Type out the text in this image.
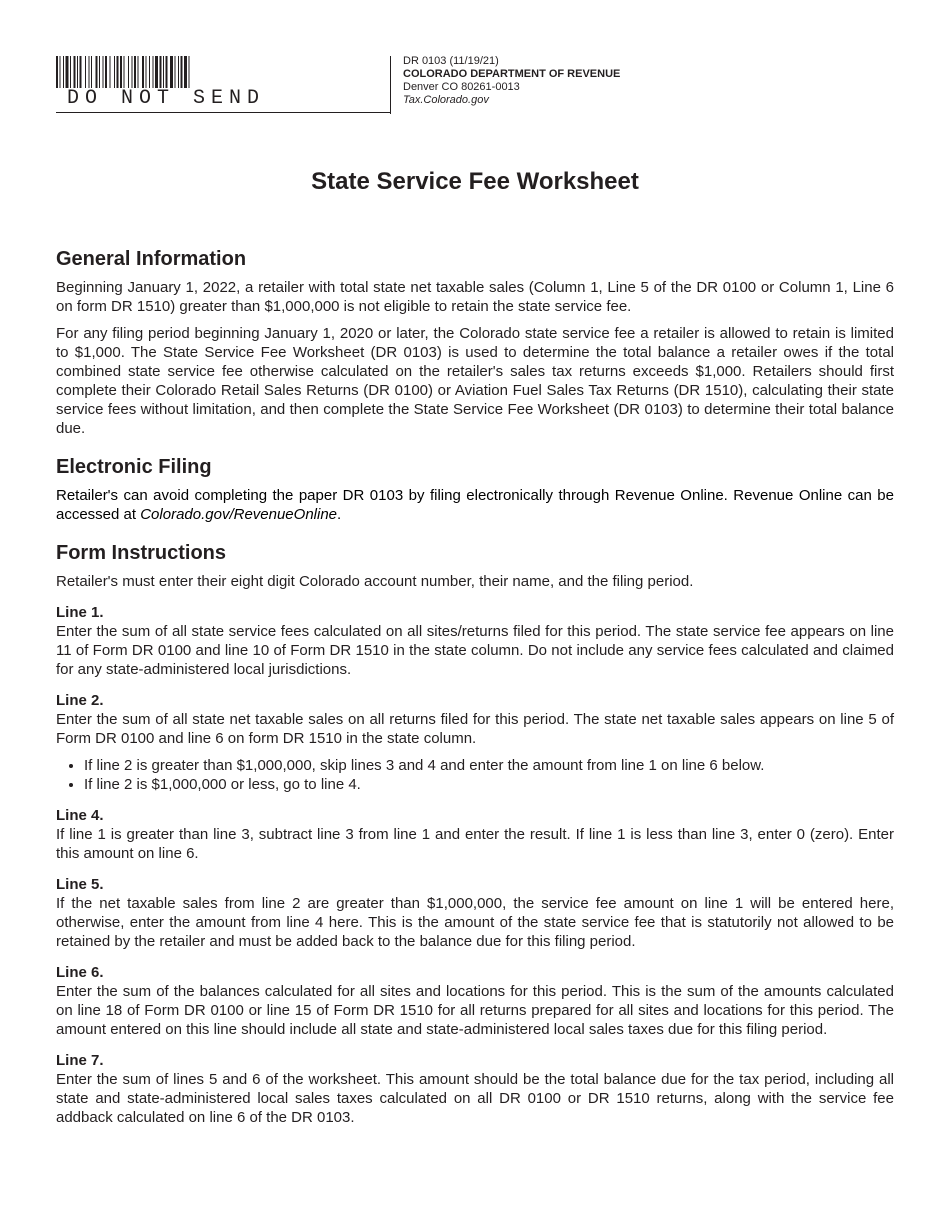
DO NOT SEND
DR 0103 (11/19/21)
COLORADO DEPARTMENT OF REVENUE
Denver CO 80261-0013
Tax.Colorado.gov
State Service Fee Worksheet
General Information

Beginning January 1, 2022, a retailer with total state net taxable sales (Column 1, Line 5 of the DR 0100 or Column 1, Line 6 on form DR 1510) greater than $1,000,000 is not eligible to retain the state service fee.

For any filing period beginning January 1, 2020 or later, the Colorado state service fee a retailer is allowed to retain is limited to $1,000. The State Service Fee Worksheet (DR 0103) is used to determine the total balance a retailer owes if the total combined state service fee otherwise calculated on the retailer's sales tax returns exceeds $1,000. Retailers should first complete their Colorado Retail Sales Returns (DR 0100) or Aviation Fuel Sales Tax Returns (DR 1510), calculating their state service fees without limitation, and then complete the State Service Fee Worksheet (DR 0103) to determine their total balance due.

Electronic Filing

Retailer's can avoid completing the paper DR 0103 by filing electronically through Revenue Online. Revenue Online can be accessed at Colorado.gov/RevenueOnline.

Form Instructions

Retailer's must enter their eight digit Colorado account number, their name, and the filing period.

Line 1.

Enter the sum of all state service fees calculated on all sites/returns filed for this period. The state service fee appears on line 11 of Form DR 0100 and line 10 of Form DR 1510 in the state column. Do not include any service fees calculated and claimed for any state-administered local jurisdictions.

Line 2.

Enter the sum of all state net taxable sales on all returns filed for this period. The state net taxable sales appears on line 5 of Form DR 0100 and line 6 on form DR 1510 in the state column.

• If line 2 is greater than $1,000,000, skip lines 3 and 4 and enter the amount from line 1 on line 6 below.
• If line 2 is $1,000,000 or less, go to line 4.
Line 4.

If line 1 is greater than line 3, subtract line 3 from line 1 and enter the result. If line 1 is less than line 3, enter 0 (zero). Enter this amount on line 6.

Line 5.

If the net taxable sales from line 2 are greater than $1,000,000, the service fee amount on line 1 will be entered here, otherwise, enter the amount from line 4 here. This is the amount of the state service fee that is statutorily not allowed to be retained by the retailer and must be added back to the balance due for this filing period.

Line 6.

Enter the sum of the balances calculated for all sites and locations for this period. This is the sum of the amounts calculated on line 18 of Form DR 0100 or line 15 of Form DR 1510 for all returns prepared for all sites and locations for this period. The amount entered on this line should include all state and state-administered local sales taxes due for this filing period.

Line 7.

Enter the sum of lines 5 and 6 of the worksheet. This amount should be the total balance due for the tax period, including all state and state-administered local sales taxes calculated on all DR 0100 or DR 1510 returns, along with the service fee addback calculated on line 6 of the DR 0103.
